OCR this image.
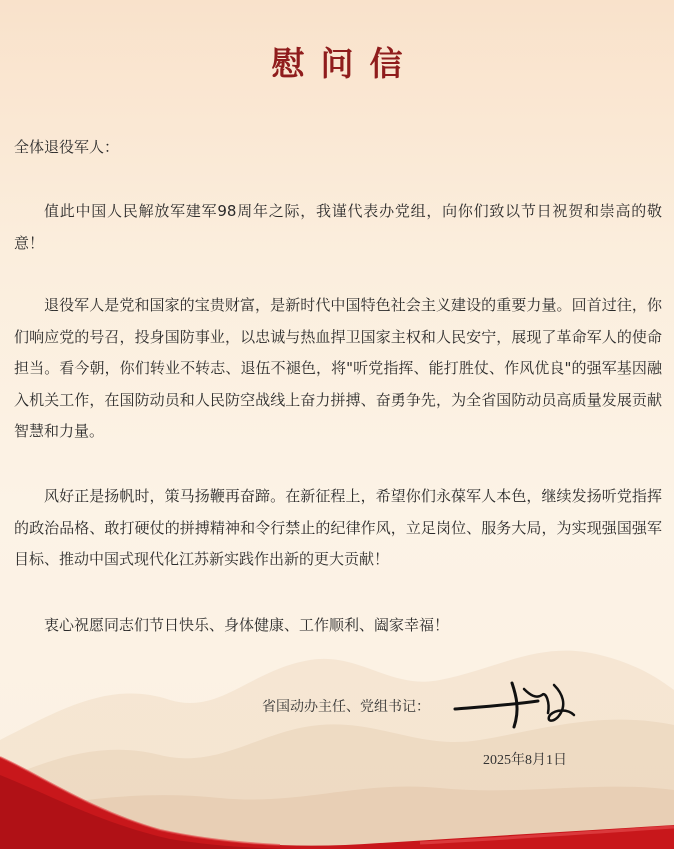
慰问信
全体退役军人：
值此中国人民解放军建军98周年之际，我谨代表办党组，向你们致以节日祝贺和崇高的敬意！
退役军人是党和国家的宝贵财富，是新时代中国特色社会主义建设的重要力量。回首过往，你们响应党的号召，投身国防事业，以忠诚与热血捍卫国家主权和人民安宁，展现了革命军人的使命担当。看今朝，你们转业不转志、退伍不褪色，将"听党指挥、能打胜仗、作风优良"的强军基因融入机关工作，在国防动员和人民防空战线上奋力拼搏、奋勇争先，为全省国防动员高质量发展贡献智慧和力量。
风好正是扬帆时，策马扬鞭再奋蹄。在新征程上，希望你们永葆军人本色，继续发扬听党指挥的政治品格、敢打硬仗的拼搏精神和令行禁止的纪律作风，立足岗位、服务大局，为实现强国强军目标、推动中国式现代化江苏新实践作出新的更大贡献！
衷心祝愿同志们节日快乐、身体健康、工作顺利、阖家幸福！
省国动办主任、党组书记：
2025年8月1日
